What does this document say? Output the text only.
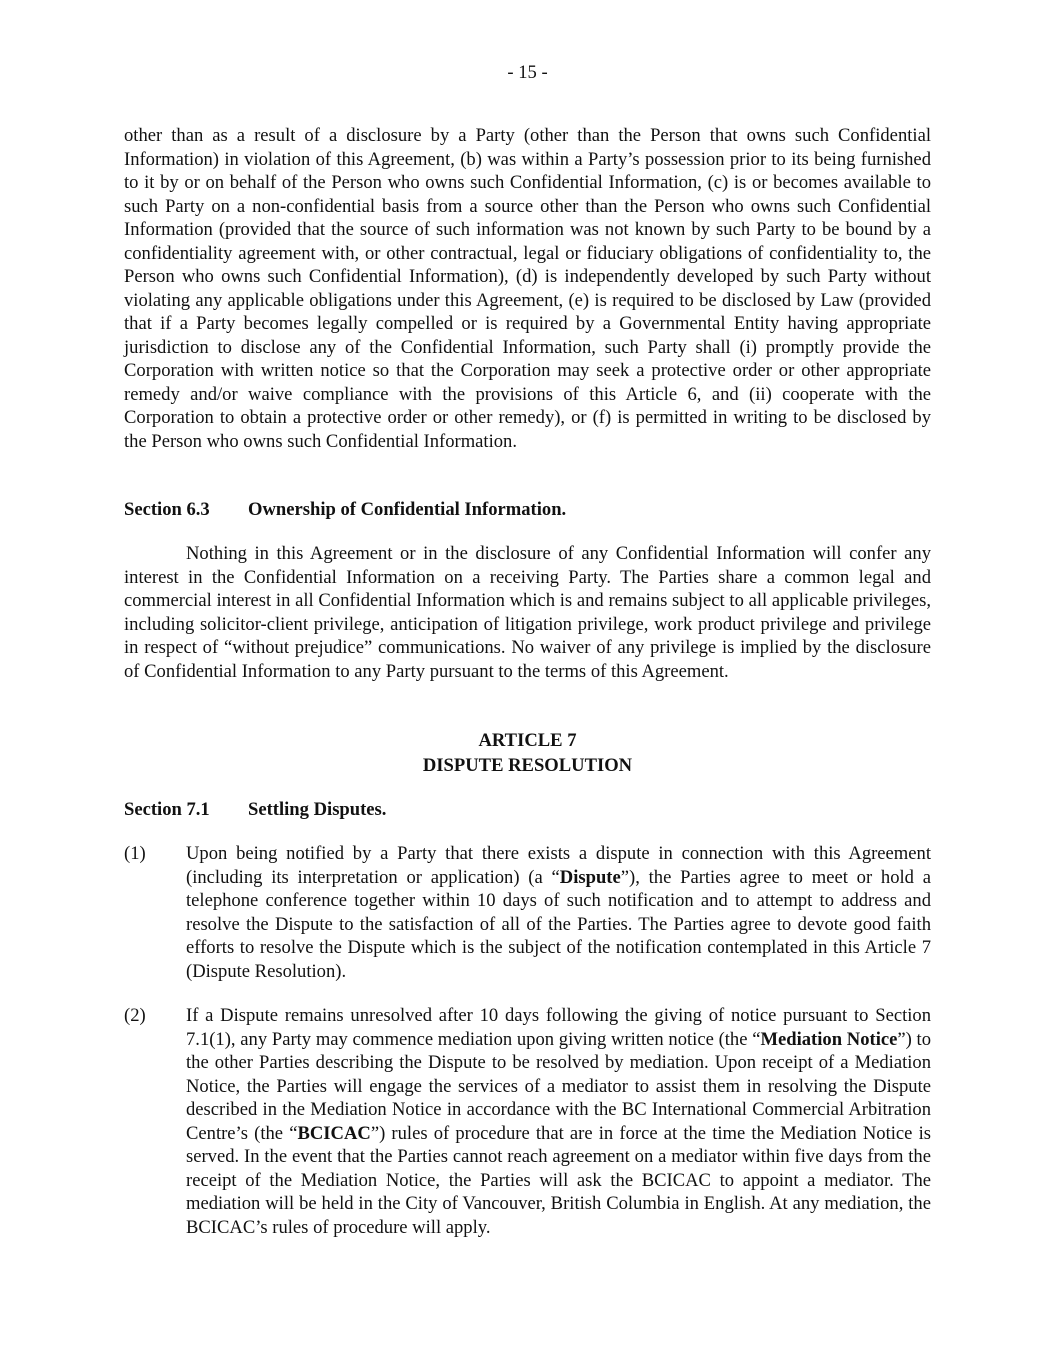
- 15 -

other than as a result of a disclosure by a Party (other than the Person that owns such Confidential Information) in violation of this Agreement, (b) was within a Party’s possession prior to its being furnished to it by or on behalf of the Person who owns such Confidential Information, (c) is or becomes available to such Party on a non-confidential basis from a source other than the Person who owns such Confidential Information (provided that the source of such information was not known by such Party to be bound by a confidentiality agreement with, or other contractual, legal or fiduciary obligations of confidentiality to, the Person who owns such Confidential Information), (d) is independently developed by such Party without violating any applicable obligations under this Agreement, (e) is required to be disclosed by Law (provided that if a Party becomes legally compelled or is required by a Governmental Entity having appropriate jurisdiction to disclose any of the Confidential Information, such Party shall (i) promptly provide the Corporation with written notice so that the Corporation may seek a protective order or other appropriate remedy and/or waive compliance with the provisions of this Article 6, and (ii) cooperate with the Corporation to obtain a protective order or other remedy), or (f) is permitted in writing to be disclosed by the Person who owns such Confidential Information.

Section 6.3 Ownership of Confidential Information.

Nothing in this Agreement or in the disclosure of any Confidential Information will confer any interest in the Confidential Information on a receiving Party. The Parties share a common legal and commercial interest in all Confidential Information which is and remains subject to all applicable privileges, including solicitor-client privilege, anticipation of litigation privilege, work product privilege and privilege in respect of “without prejudice” communications. No waiver of any privilege is implied by the disclosure of Confidential Information to any Party pursuant to the terms of this Agreement.

ARTICLE 7
DISPUTE RESOLUTION
Section 7.1 Settling Disputes.
(1) Upon being notified by a Party that there exists a dispute in connection with this Agreement (including its interpretation or application) (a “Dispute”), the Parties agree to meet or hold a telephone conference together within 10 days of such notification and to attempt to address and resolve the Dispute to the satisfaction of all of the Parties. The Parties agree to devote good faith efforts to resolve the Dispute which is the subject of the notification contemplated in this Article 7 (Dispute Resolution).

(2) If a Dispute remains unresolved after 10 days following the giving of notice pursuant to Section 7.1(1), any Party may commence mediation upon giving written notice (the “Mediation Notice”) to the other Parties describing the Dispute to be resolved by mediation. Upon receipt of a Mediation Notice, the Parties will engage the services of a mediator to assist them in resolving the Dispute described in the Mediation Notice in accordance with the BC International Commercial Arbitration Centre’s (the “BCICAC”) rules of procedure that are in force at the time the Mediation Notice is served. In the event that the Parties cannot reach agreement on a mediator within five days from the receipt of the Mediation Notice, the Parties will ask the BCICAC to appoint a mediator. The mediation will be held in the City of Vancouver, British Columbia in English. At any mediation, the BCICAC’s rules of procedure will apply.
